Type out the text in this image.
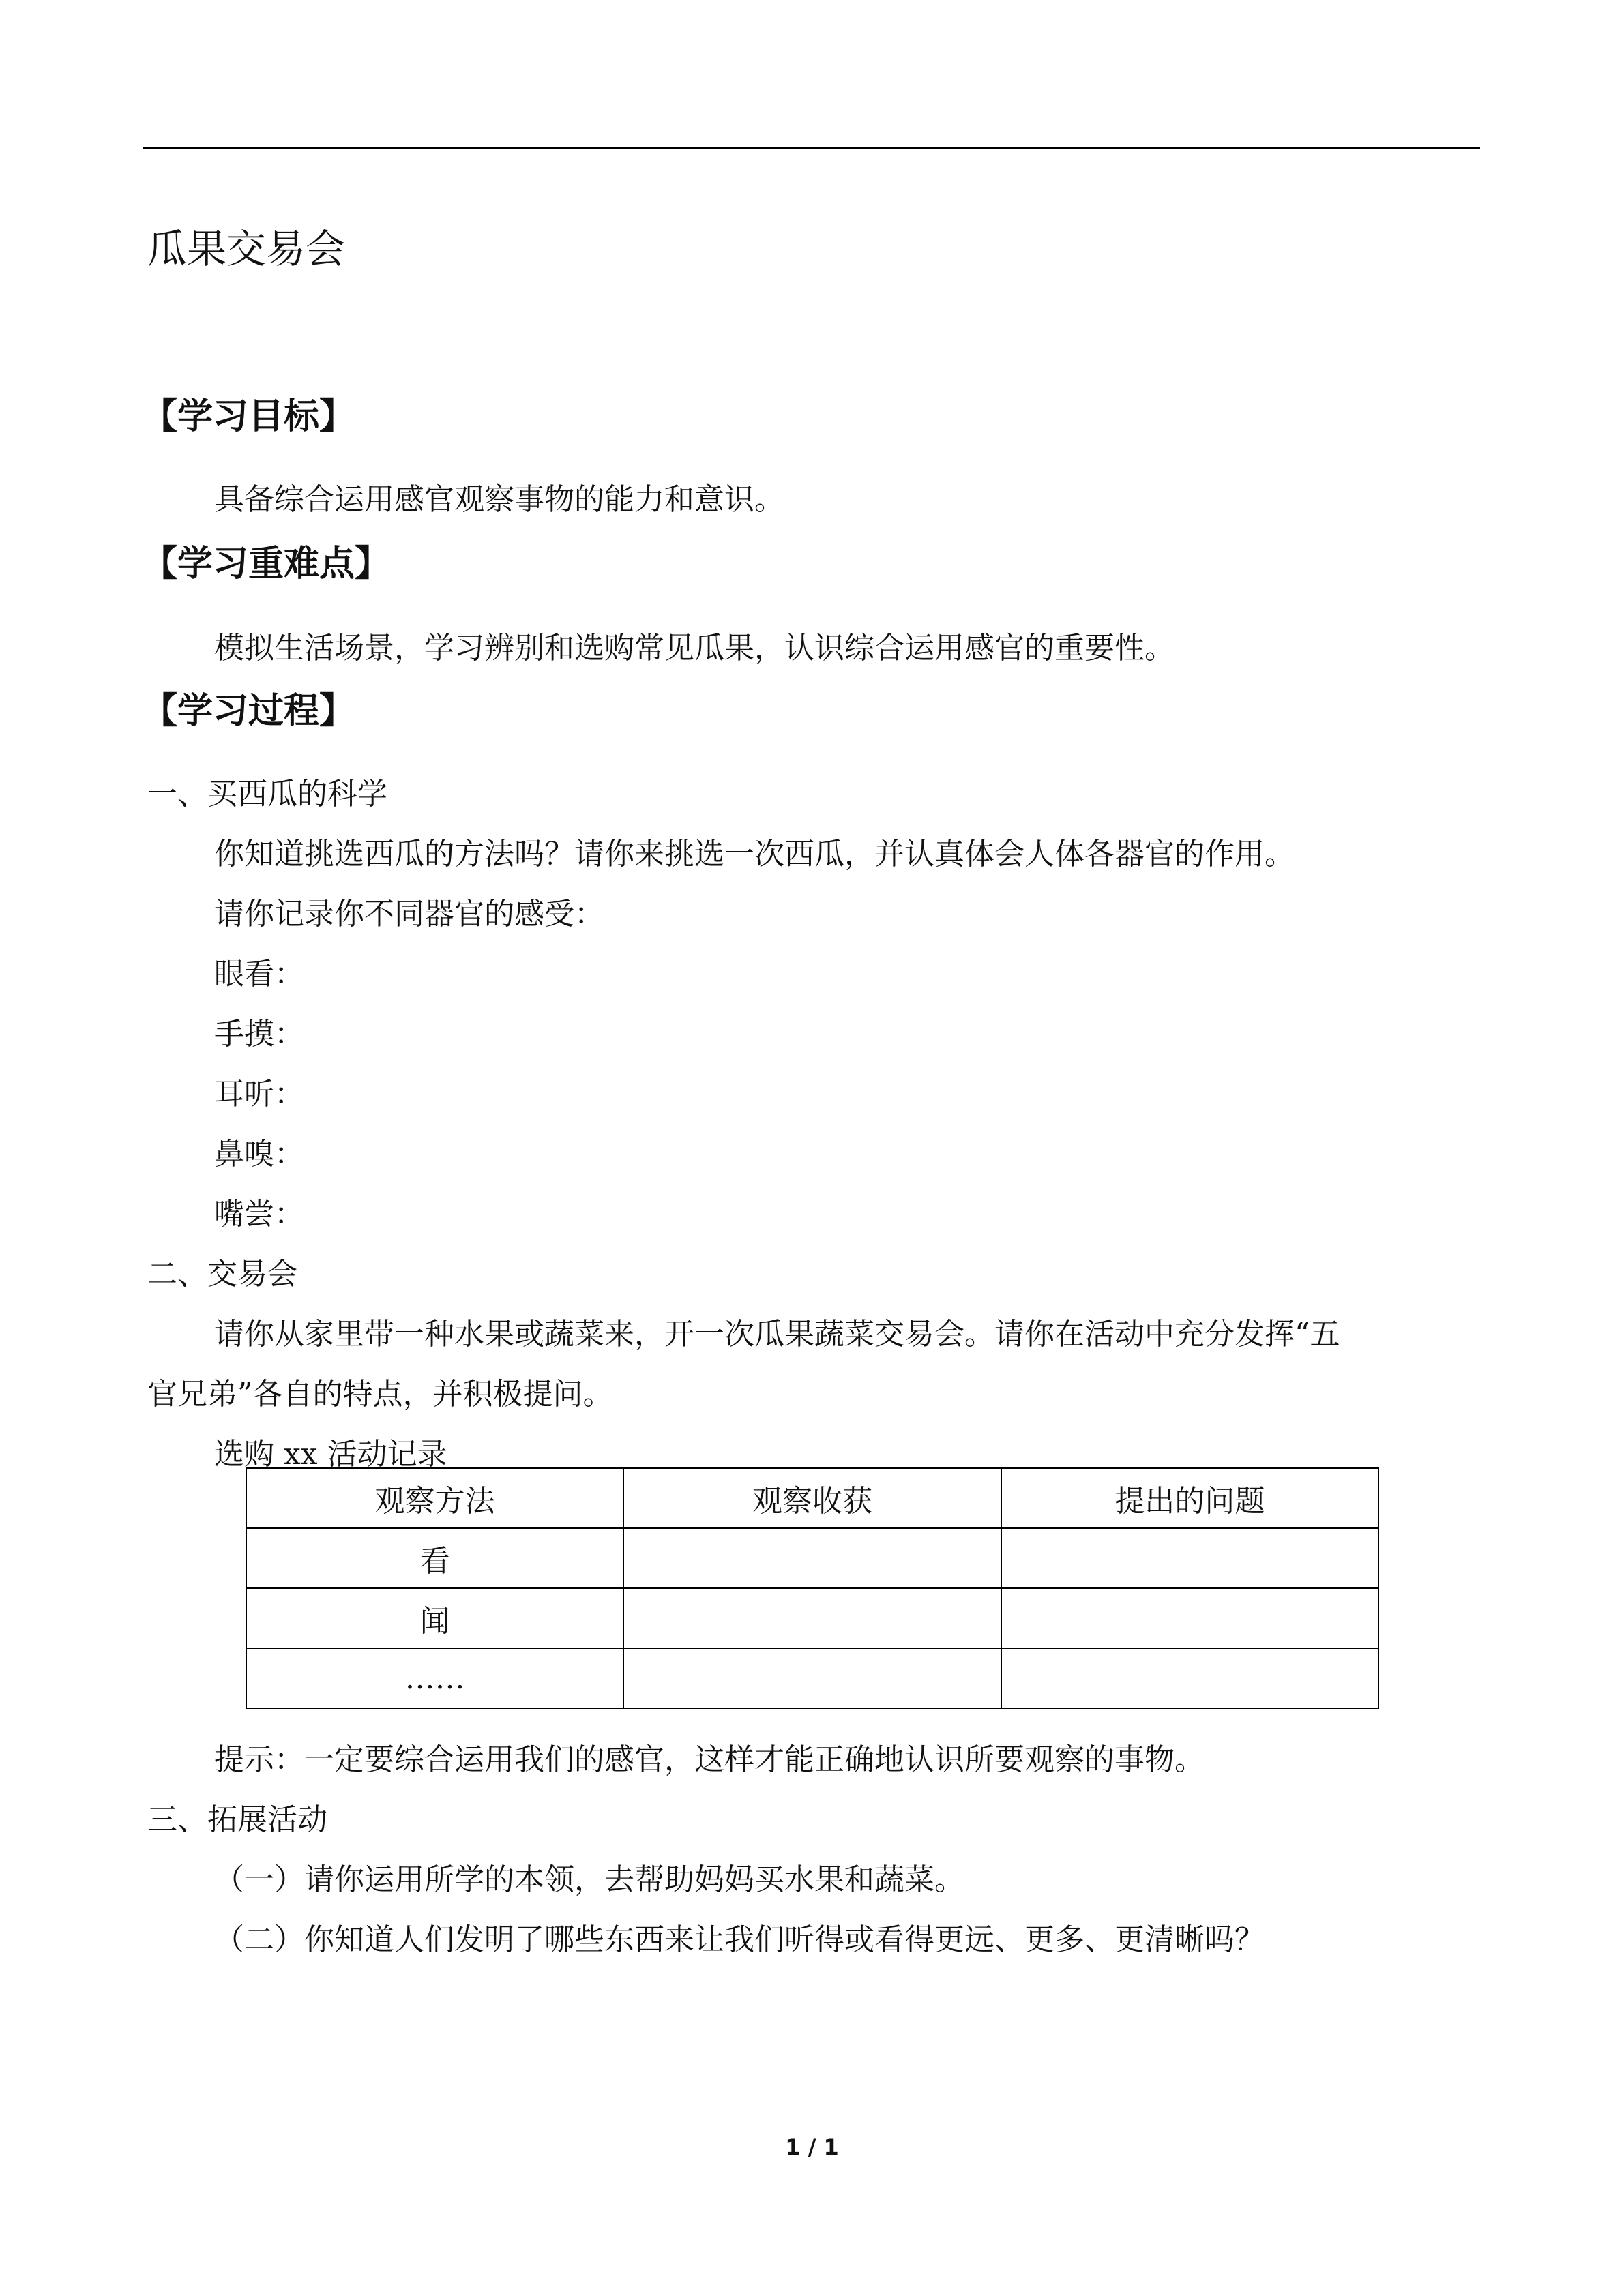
瓜果交易会
【学习目标】
具备综合运用感官观察事物的能力和意识。
【学习重难点】
模拟生活场景，学习辨别和选购常见瓜果，认识综合运用感官的重要性。
【学习过程】
一、买西瓜的科学
你知道挑选西瓜的方法吗？请你来挑选一次西瓜，并认真体会人体各器官的作用。
请你记录你不同器官的感受：
眼看：
手摸：
耳听：
鼻嗅：
嘴尝：
二、交易会
请你从家里带一种水果或蔬菜来，开一次瓜果蔬菜交易会。请你在活动中充分发挥“五
官兄弟”各自的特点，并积极提问。
选购 xx 活动记录
观察方法	观察收获	提出的问题
看		
闻		
……		
提示：一定要综合运用我们的感官，这样才能正确地认识所要观察的事物。
三、拓展活动
（一）请你运用所学的本领，去帮助妈妈买水果和蔬菜。
（二）你知道人们发明了哪些东西来让我们听得或看得更远、更多、更清晰吗？
1 / 1
